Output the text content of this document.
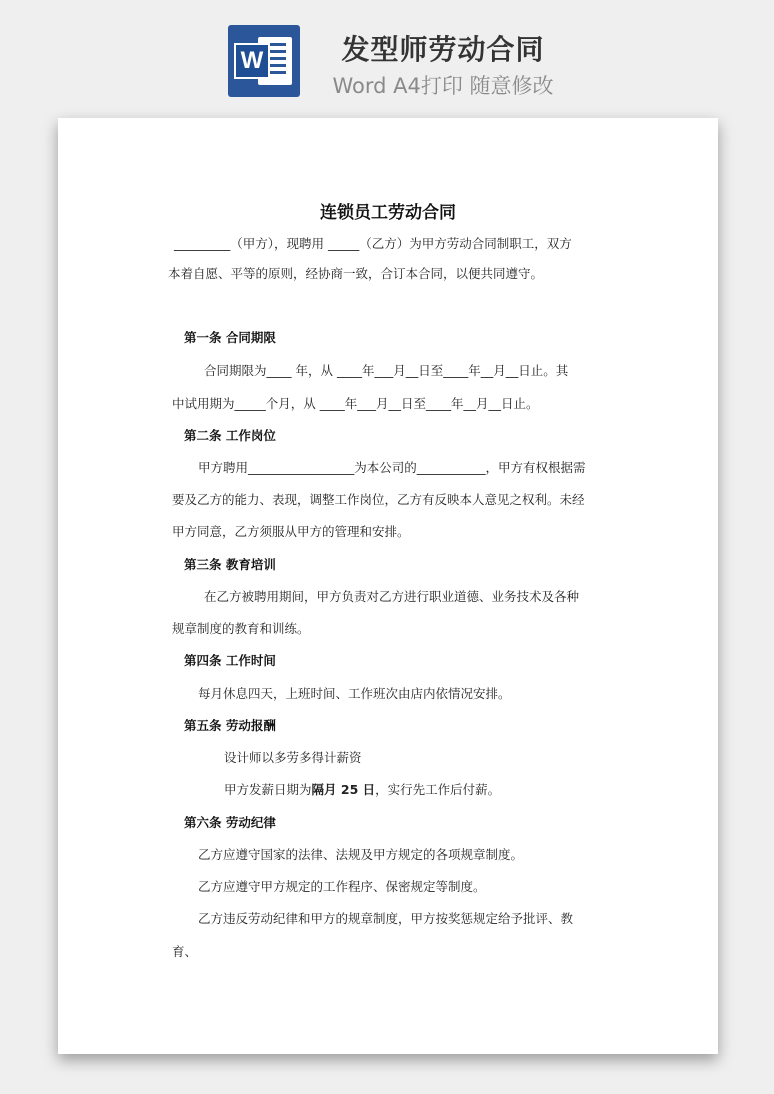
W	发型师劳动合同
Word A4打印 随意修改
连锁员工劳动合同
_________（甲方），现聘用 _____（乙方）为甲方劳动合同制职工，双方
本着自愿、平等的原则，经协商一致，合订本合同，以便共同遵守。
第一条 合同期限
合同期限为____ 年，从 ____年___月__日至____年__月__日止。其
中试用期为_____个月，从 ____年___月__日至____年__月__日止。
第二条 工作岗位
甲方聘用_________________为本公司的___________，甲方有权根据需
要及乙方的能力、表现，调整工作岗位，乙方有反映本人意见之权利。未经
甲方同意，乙方须服从甲方的管理和安排。
第三条 教育培训
在乙方被聘用期间，甲方负责对乙方进行职业道德、业务技术及各种
规章制度的教育和训练。
第四条 工作时间
每月休息四天，上班时间、工作班次由店内依情况安排。
第五条 劳动报酬
设计师以多劳多得计薪资
甲方发薪日期为隔月 25 日，实行先工作后付薪。
第六条 劳动纪律
乙方应遵守国家的法律、法规及甲方规定的各项规章制度。
乙方应遵守甲方规定的工作程序、保密规定等制度。
乙方违反劳动纪律和甲方的规章制度，甲方按奖惩规定给予批评、教
育、
